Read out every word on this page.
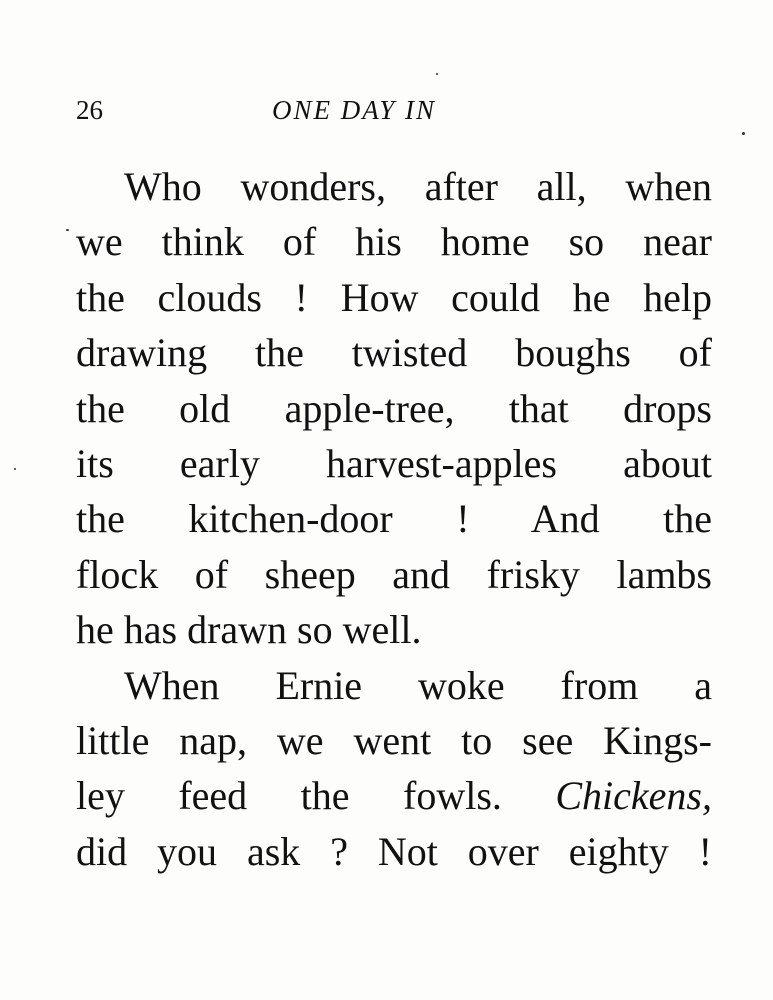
26	ONE DAY IN
Who wonders, after all, when
we think of his home so near
the clouds ! How could he help
drawing the twisted boughs of
the old apple-tree, that drops
its early harvest-apples about
the kitchen-door ! And the
flock of sheep and frisky lambs
he has drawn so well.
When Ernie woke from a
little nap, we went to see Kings-
ley feed the fowls. Chickens,
did you ask ? Not over eighty !
